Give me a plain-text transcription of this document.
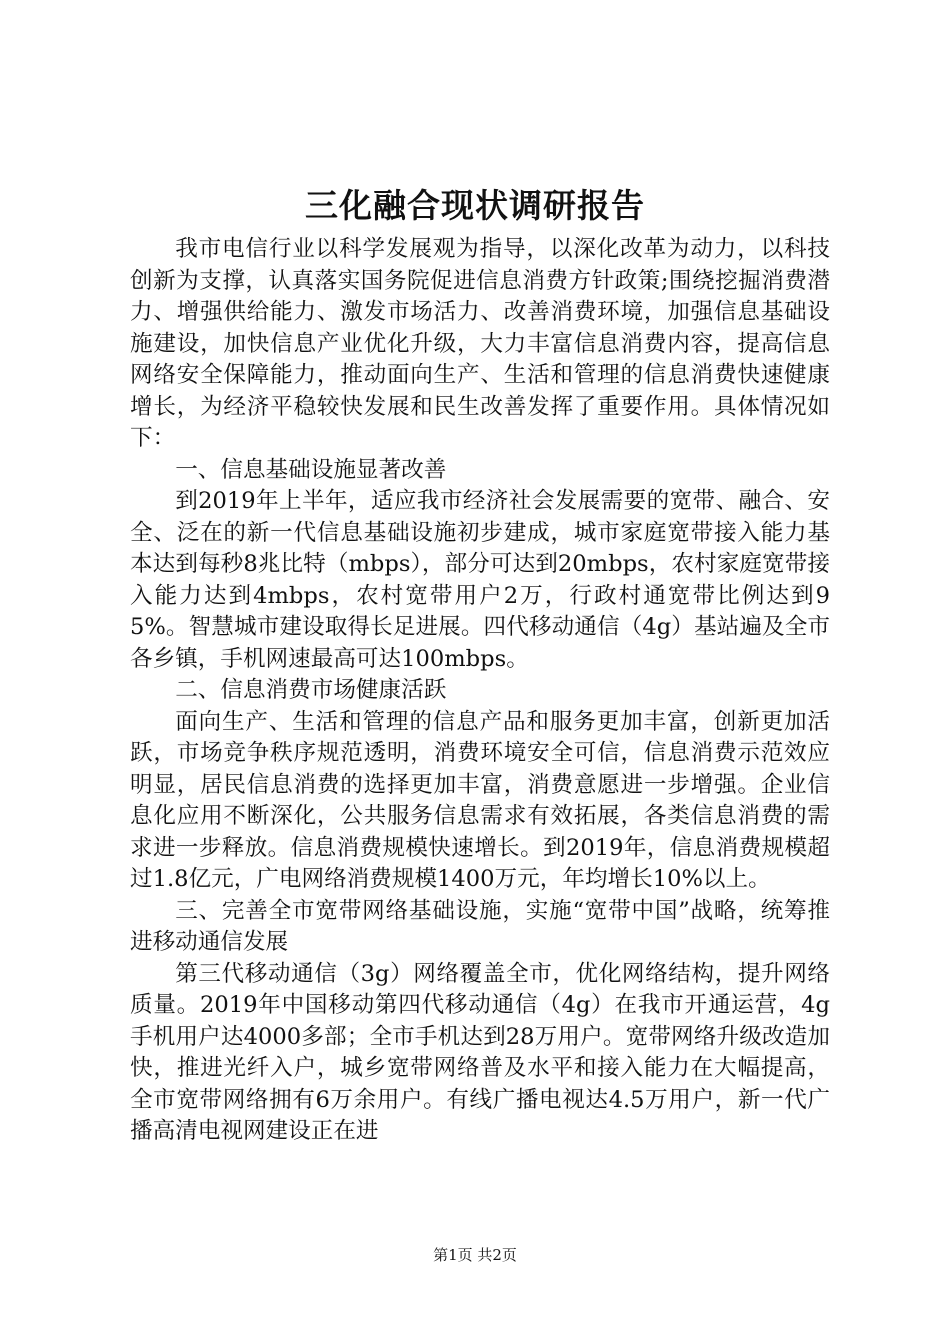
三化融合现状调研报告

我市电信行业以科学发展观为指导，以深化改革为动力，以科技创新为支撑，认真落实国务院促进信息消费方针政策;围绕挖掘消费潜力、增强供给能力、激发市场活力、改善消费环境，加强信息基础设施建设，加快信息产业优化升级，大力丰富信息消费内容，提高信息网络安全保障能力，推动面向生产、生活和管理的信息消费快速健康增长，为经济平稳较快发展和民生改善发挥了重要作用。具体情况如下：

一、信息基础设施显著改善

到2019年上半年，适应我市经济社会发展需要的宽带、融合、安全、泛在的新一代信息基础设施初步建成，城市家庭宽带接入能力基本达到每秒8兆比特（mbps），部分可达到20mbps，农村家庭宽带接入能力达到4mbps，农村宽带用户2万，行政村通宽带比例达到95%。智慧城市建设取得长足进展。四代移动通信（4g）基站遍及全市各乡镇，手机网速最高可达100mbps。

二、信息消费市场健康活跃

面向生产、生活和管理的信息产品和服务更加丰富，创新更加活跃，市场竞争秩序规范透明，消费环境安全可信，信息消费示范效应明显，居民信息消费的选择更加丰富，消费意愿进一步增强。企业信息化应用不断深化，公共服务信息需求有效拓展，各类信息消费的需求进一步释放。信息消费规模快速增长。到2019年，信息消费规模超过1.8亿元，广电网络消费规模1400万元，年均增长10%以上。

三、完善全市宽带网络基础设施，实施“宽带中国”战略，统筹推进移动通信发展

第三代移动通信（3g）网络覆盖全市，优化网络结构，提升网络质量。2019年中国移动第四代移动通信（4g）在我市开通运营，4g手机用户达4000多部；全市手机达到28万用户。宽带网络升级改造加快，推进光纤入户，城乡宽带网络普及水平和接入能力在大幅提高，全市宽带网络拥有6万余用户。有线广播电视达4.5万用户，新一代广播高清电视网建设正在进

第1页 共2页
